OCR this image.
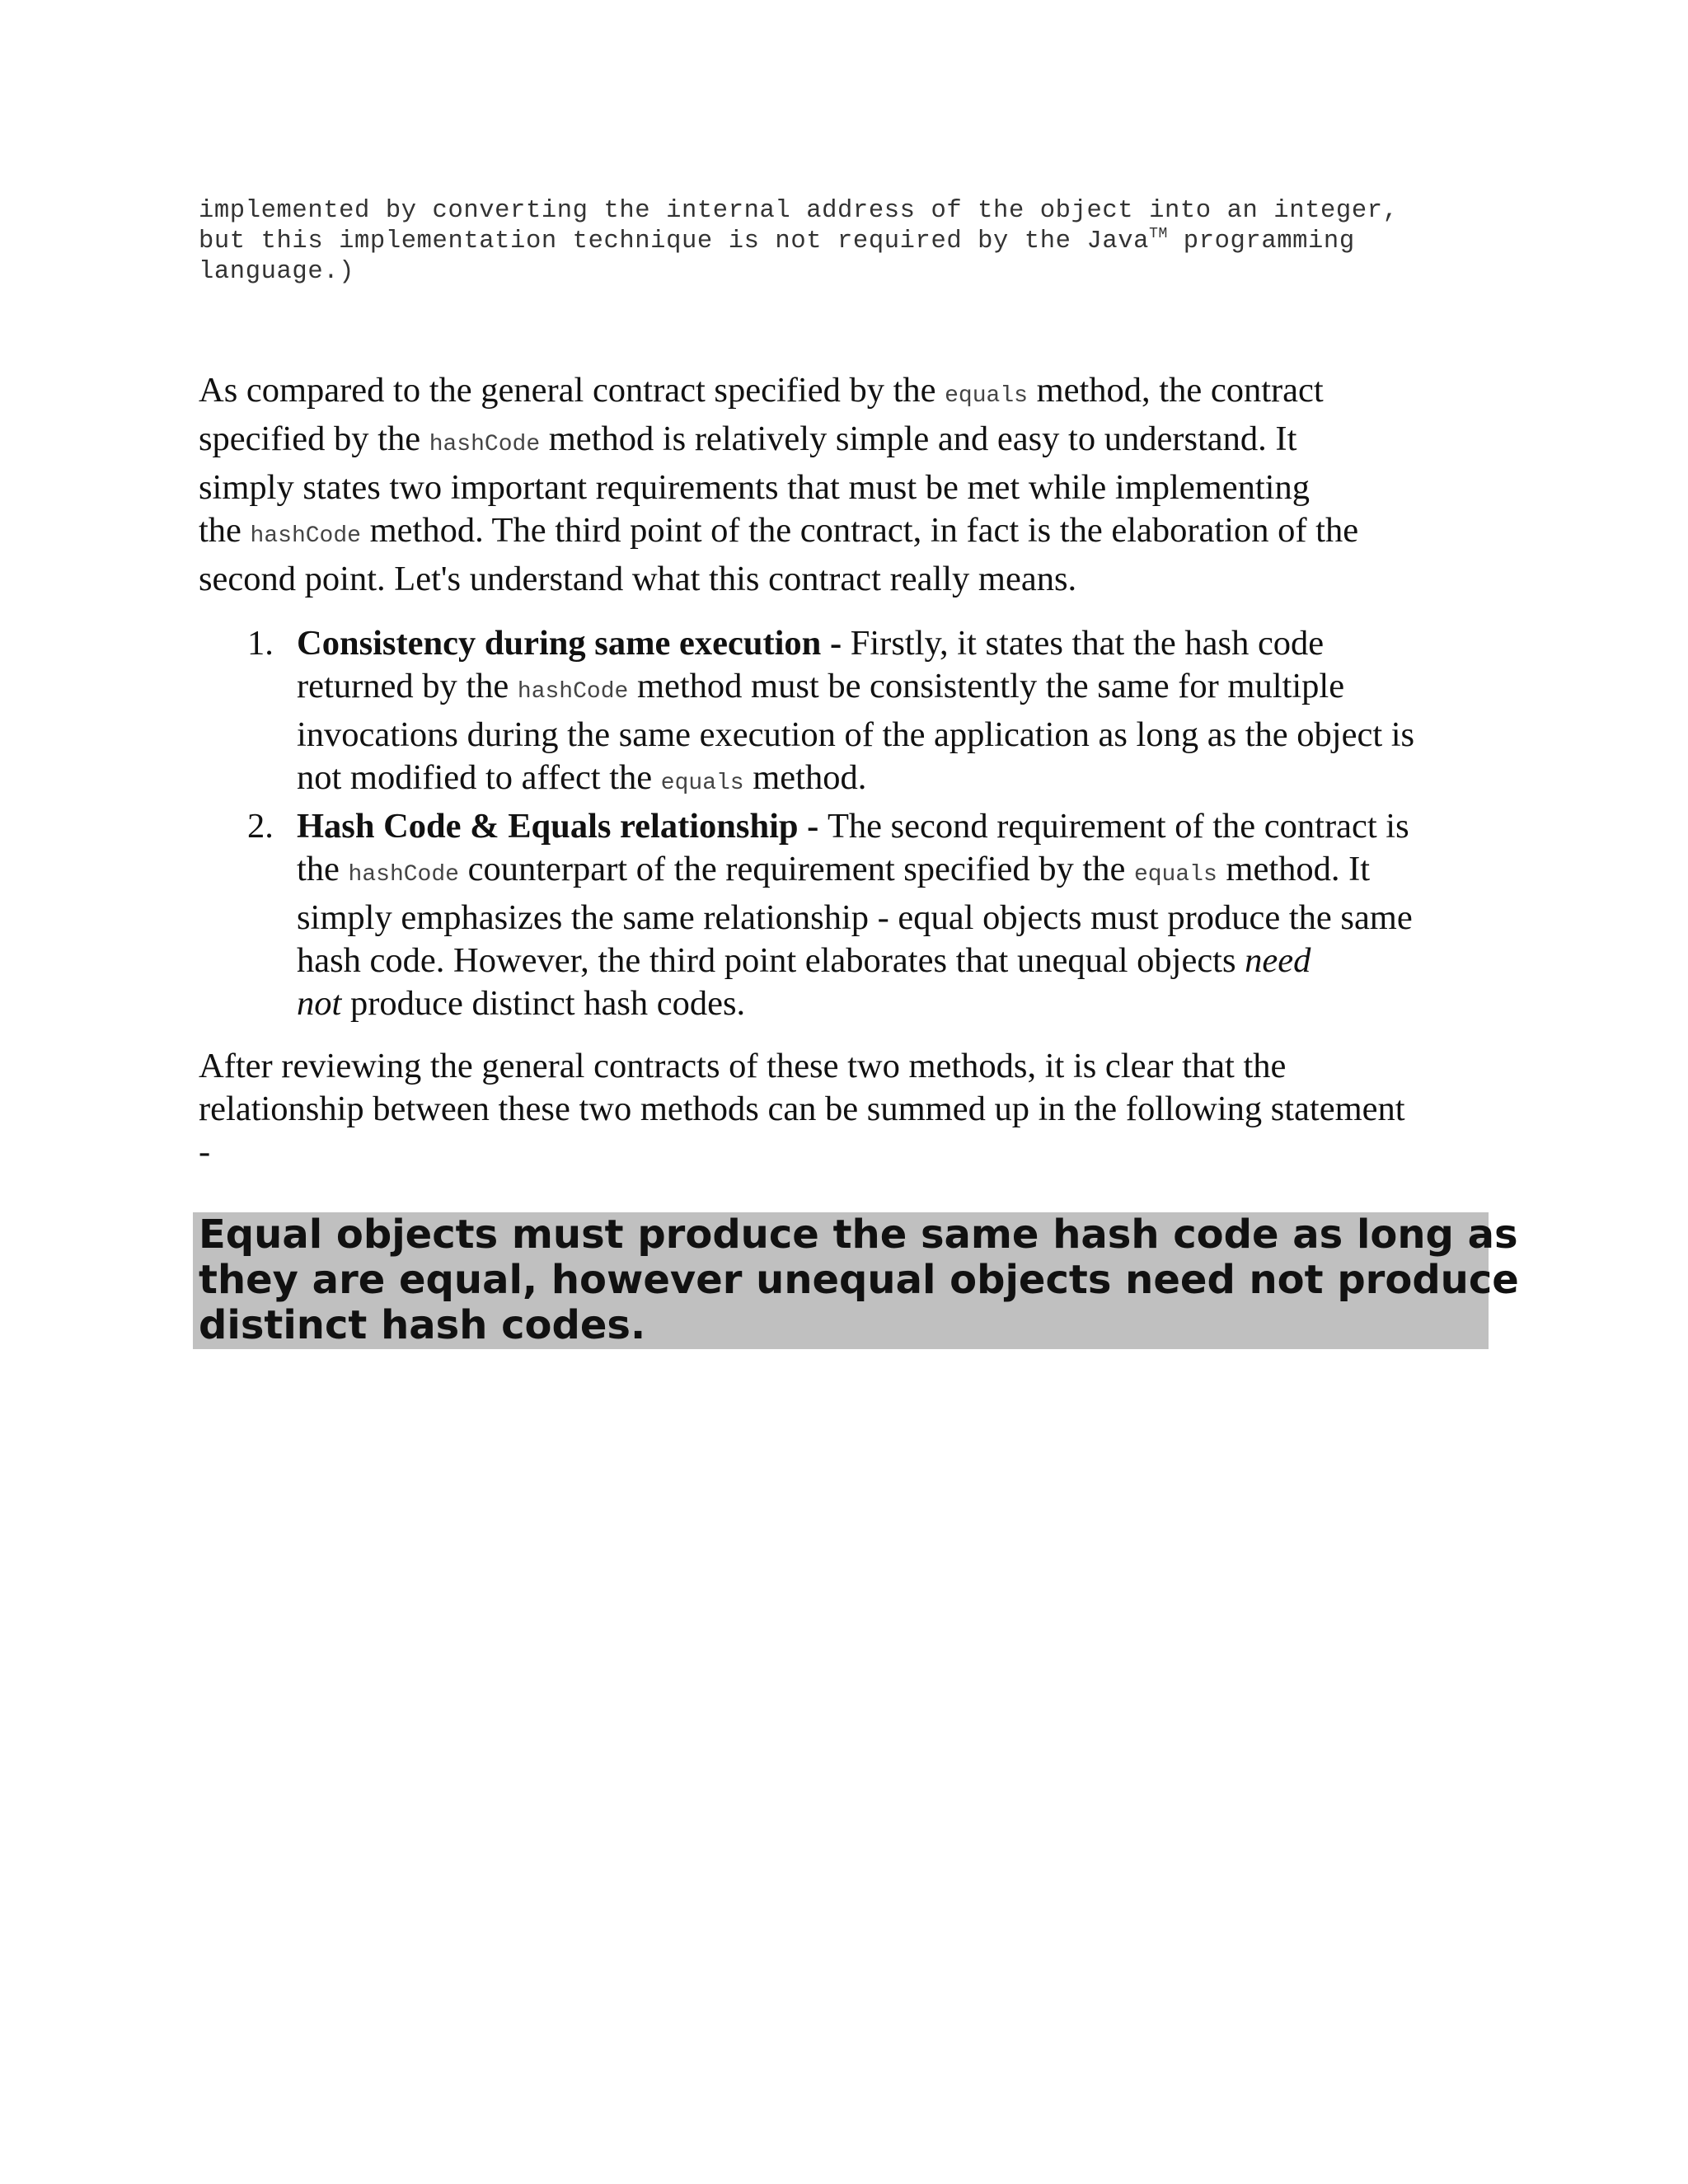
implemented by converting the internal address of the object into an integer,
but this implementation technique is not required by the Java™ programming
language.)
As compared to the general contract specified by the equals method, the contract
specified by the hashCode method is relatively simple and easy to understand. It
simply states two important requirements that must be met while implementing
the hashCode method. The third point of the contract, in fact is the elaboration of the
second point. Let's understand what this contract really means.
1. Consistency during same execution - Firstly, it states that the hash code
returned by the hashCode method must be consistently the same for multiple
invocations during the same execution of the application as long as the object is
not modified to affect the equals method.
2. Hash Code & Equals relationship - The second requirement of the contract is
the hashCode counterpart of the requirement specified by the equals method. It
simply emphasizes the same relationship - equal objects must produce the same
hash code. However, the third point elaborates that unequal objects need
not produce distinct hash codes.
After reviewing the general contracts of these two methods, it is clear that the
relationship between these two methods can be summed up in the following statement
-
Equal objects must produce the same hash code as long as
they are equal, however unequal objects need not produce
distinct hash codes.
